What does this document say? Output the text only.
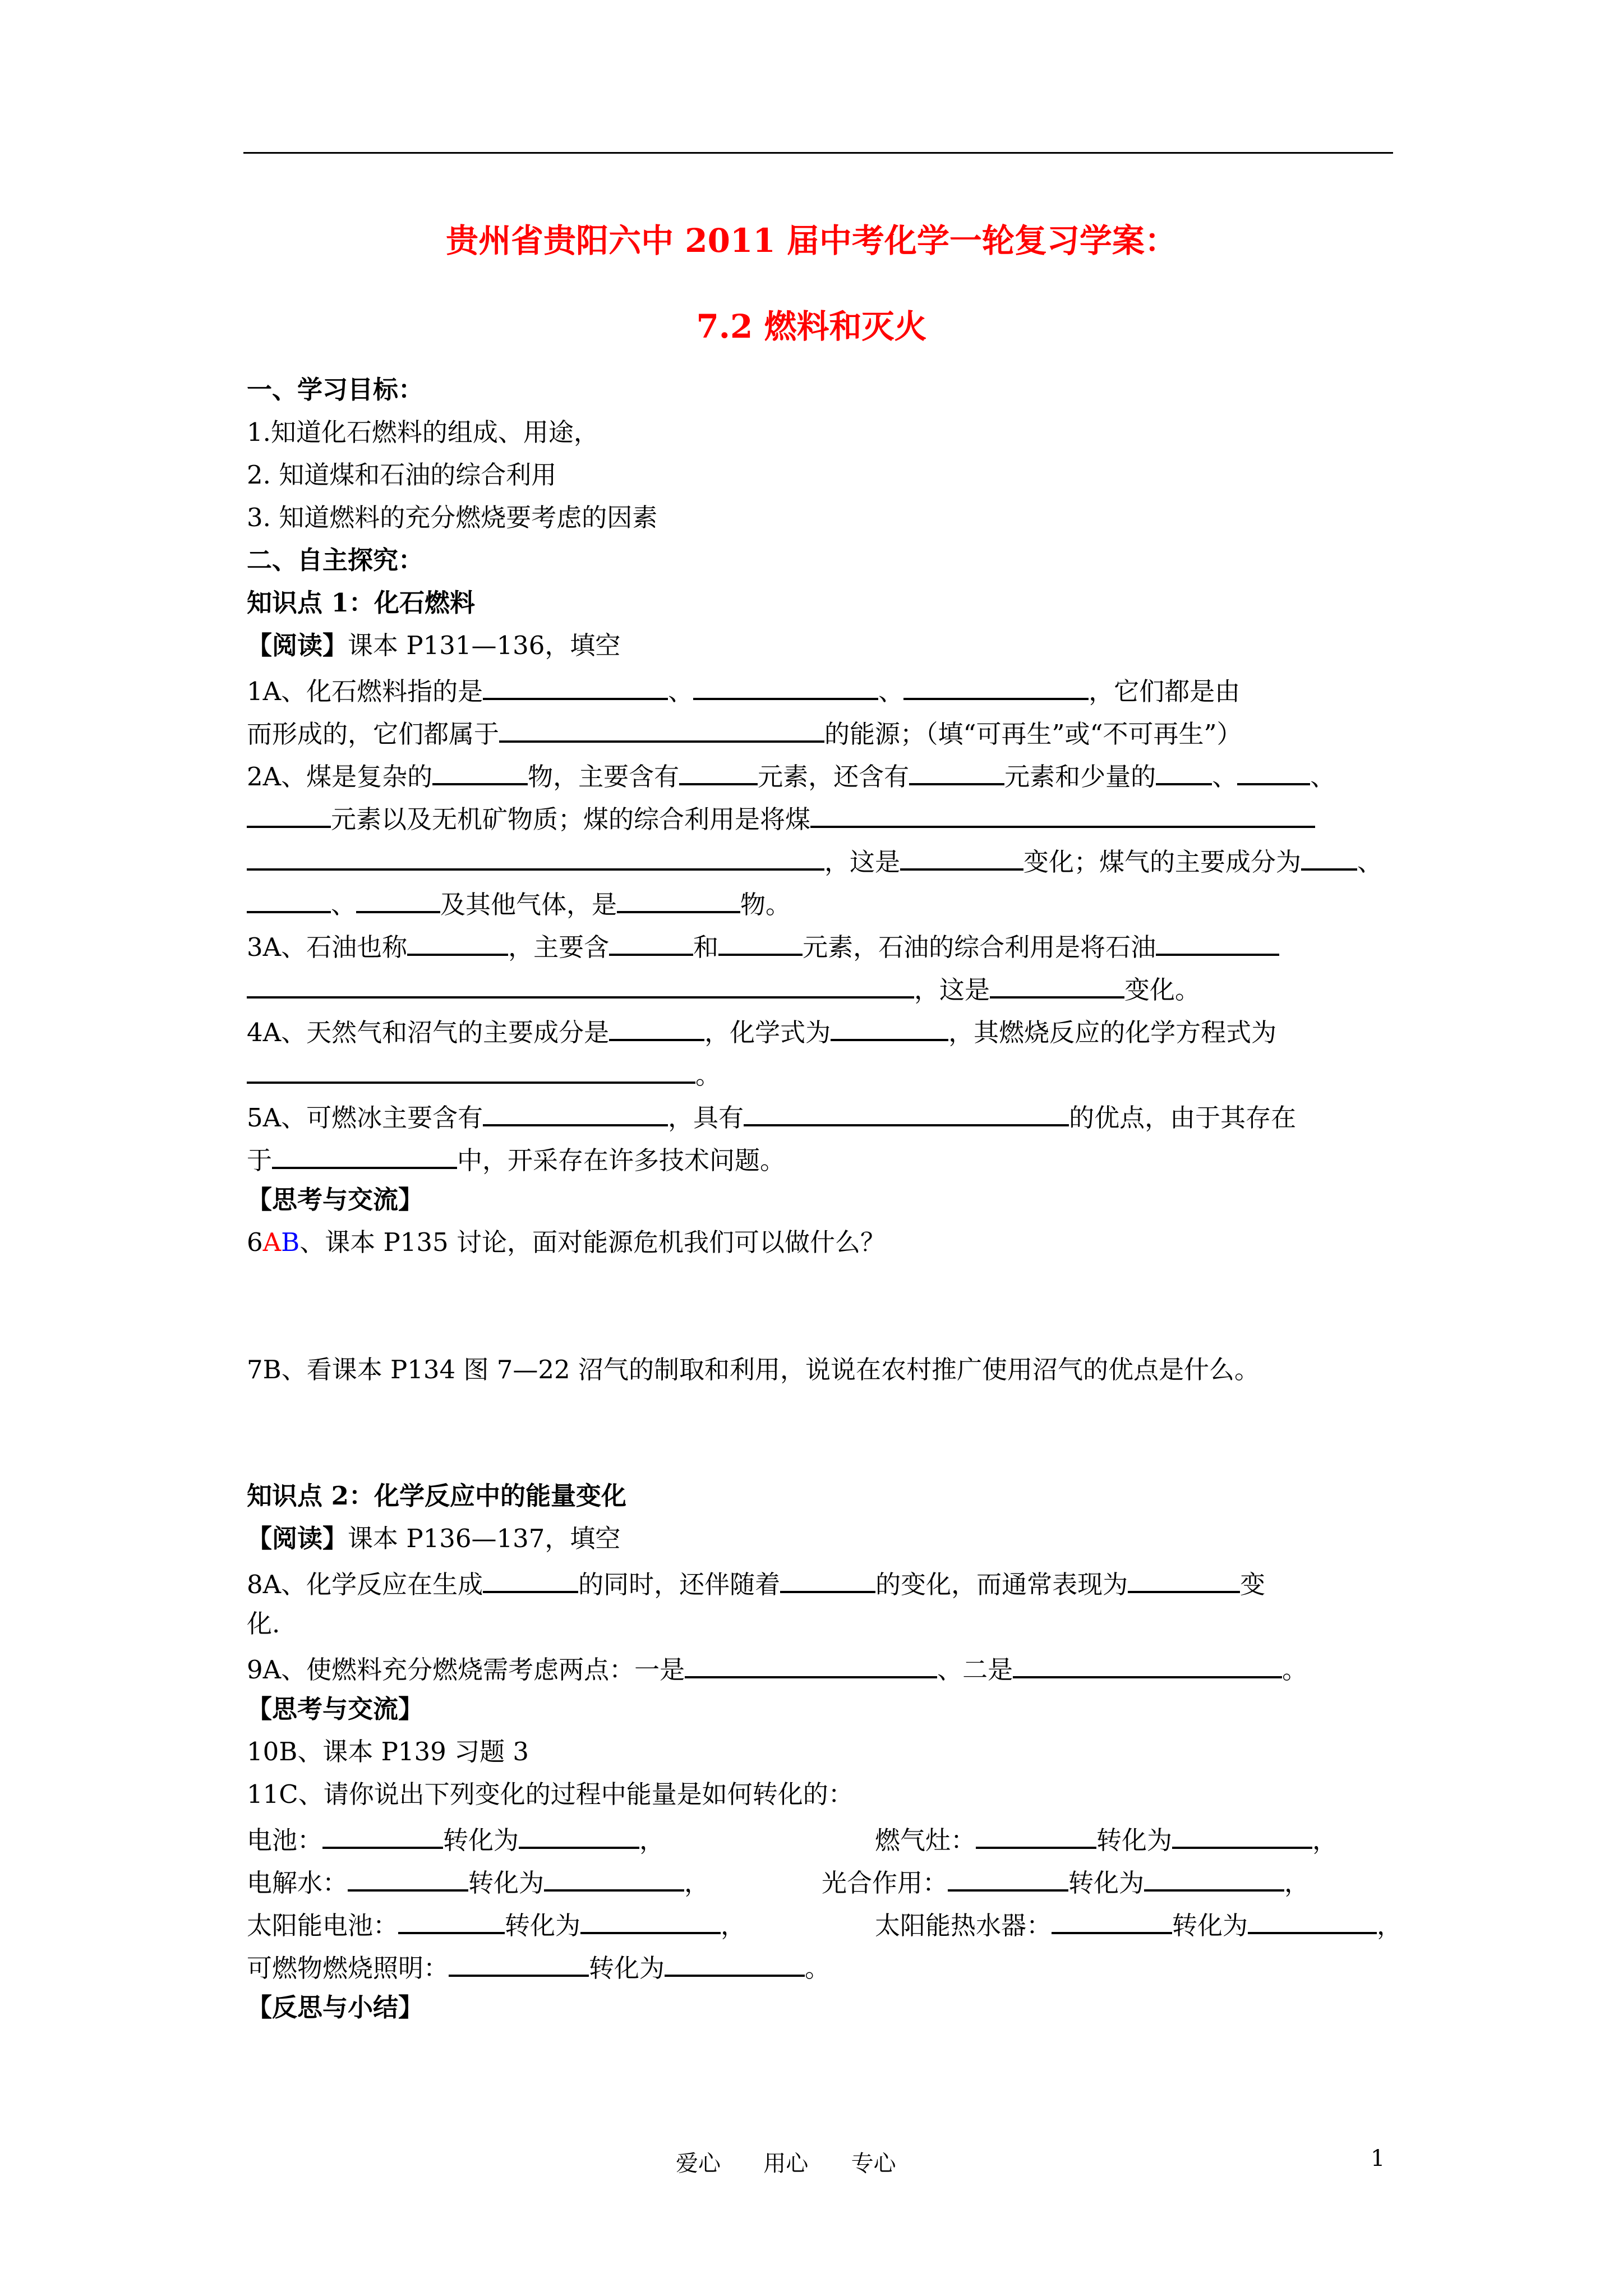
贵州省贵阳六中 2011 届中考化学一轮复习学案：
7.2 燃料和灭火
一、学习目标：
1.知道化石燃料的组成、用途，
2. 知道煤和石油的综合利用
3. 知道燃料的充分燃烧要考虑的因素
二、自主探究：
知识点 1：化石燃料
【阅读】课本 P131—136，填空
1A、化石燃料指的是	、	、	，它们都是由
而形成的，它们都属于	的能源；（填“可再生”或“不可再生”）
2A、煤是复杂的	物，主要含有	元素，还含有	元素和少量的 、	、
元素以及无机矿物质；煤的综合利用是将煤
，这是	变化；煤气的主要成分为 、
、	及其他气体，是	物。
3A、石油也称	，主要含	和	元素，石油的综合利用是将石油
，这是	变化。
4A、天然气和沼气的主要成分是	，化学式为	，其燃烧反应的化学方程式为
。
5A、可燃冰主要含有	，具有	的优点，由于其存在
于	中，开采存在许多技术问题。
【思考与交流】
6AB、课本 P135 讨论，面对能源危机我们可以做什么？
7B、看课本 P134 图 7—22 沼气的制取和利用，说说在农村推广使用沼气的优点是什么。
知识点 2：化学反应中的能量变化
【阅读】课本 P136—137，填空
8A、化学反应在生成	的同时，还伴随着	的变化，而通常表现为	变
化.
9A、使燃料充分燃烧需考虑两点：一是	、二是	。
【思考与交流】
10B、课本 P139 习题 3
11C、请你说出下列变化的过程中能量是如何转化的：
电池：	转化为	，	燃气灶：	转化为	，
电解水：	转化为	，	光合作用：	转化为	，
太阳能电池：	转化为	，	太阳能热水器：	转化为	，
可燃物燃烧照明：	转化为	。
【反思与小结】
爱心      用心      专心	1
